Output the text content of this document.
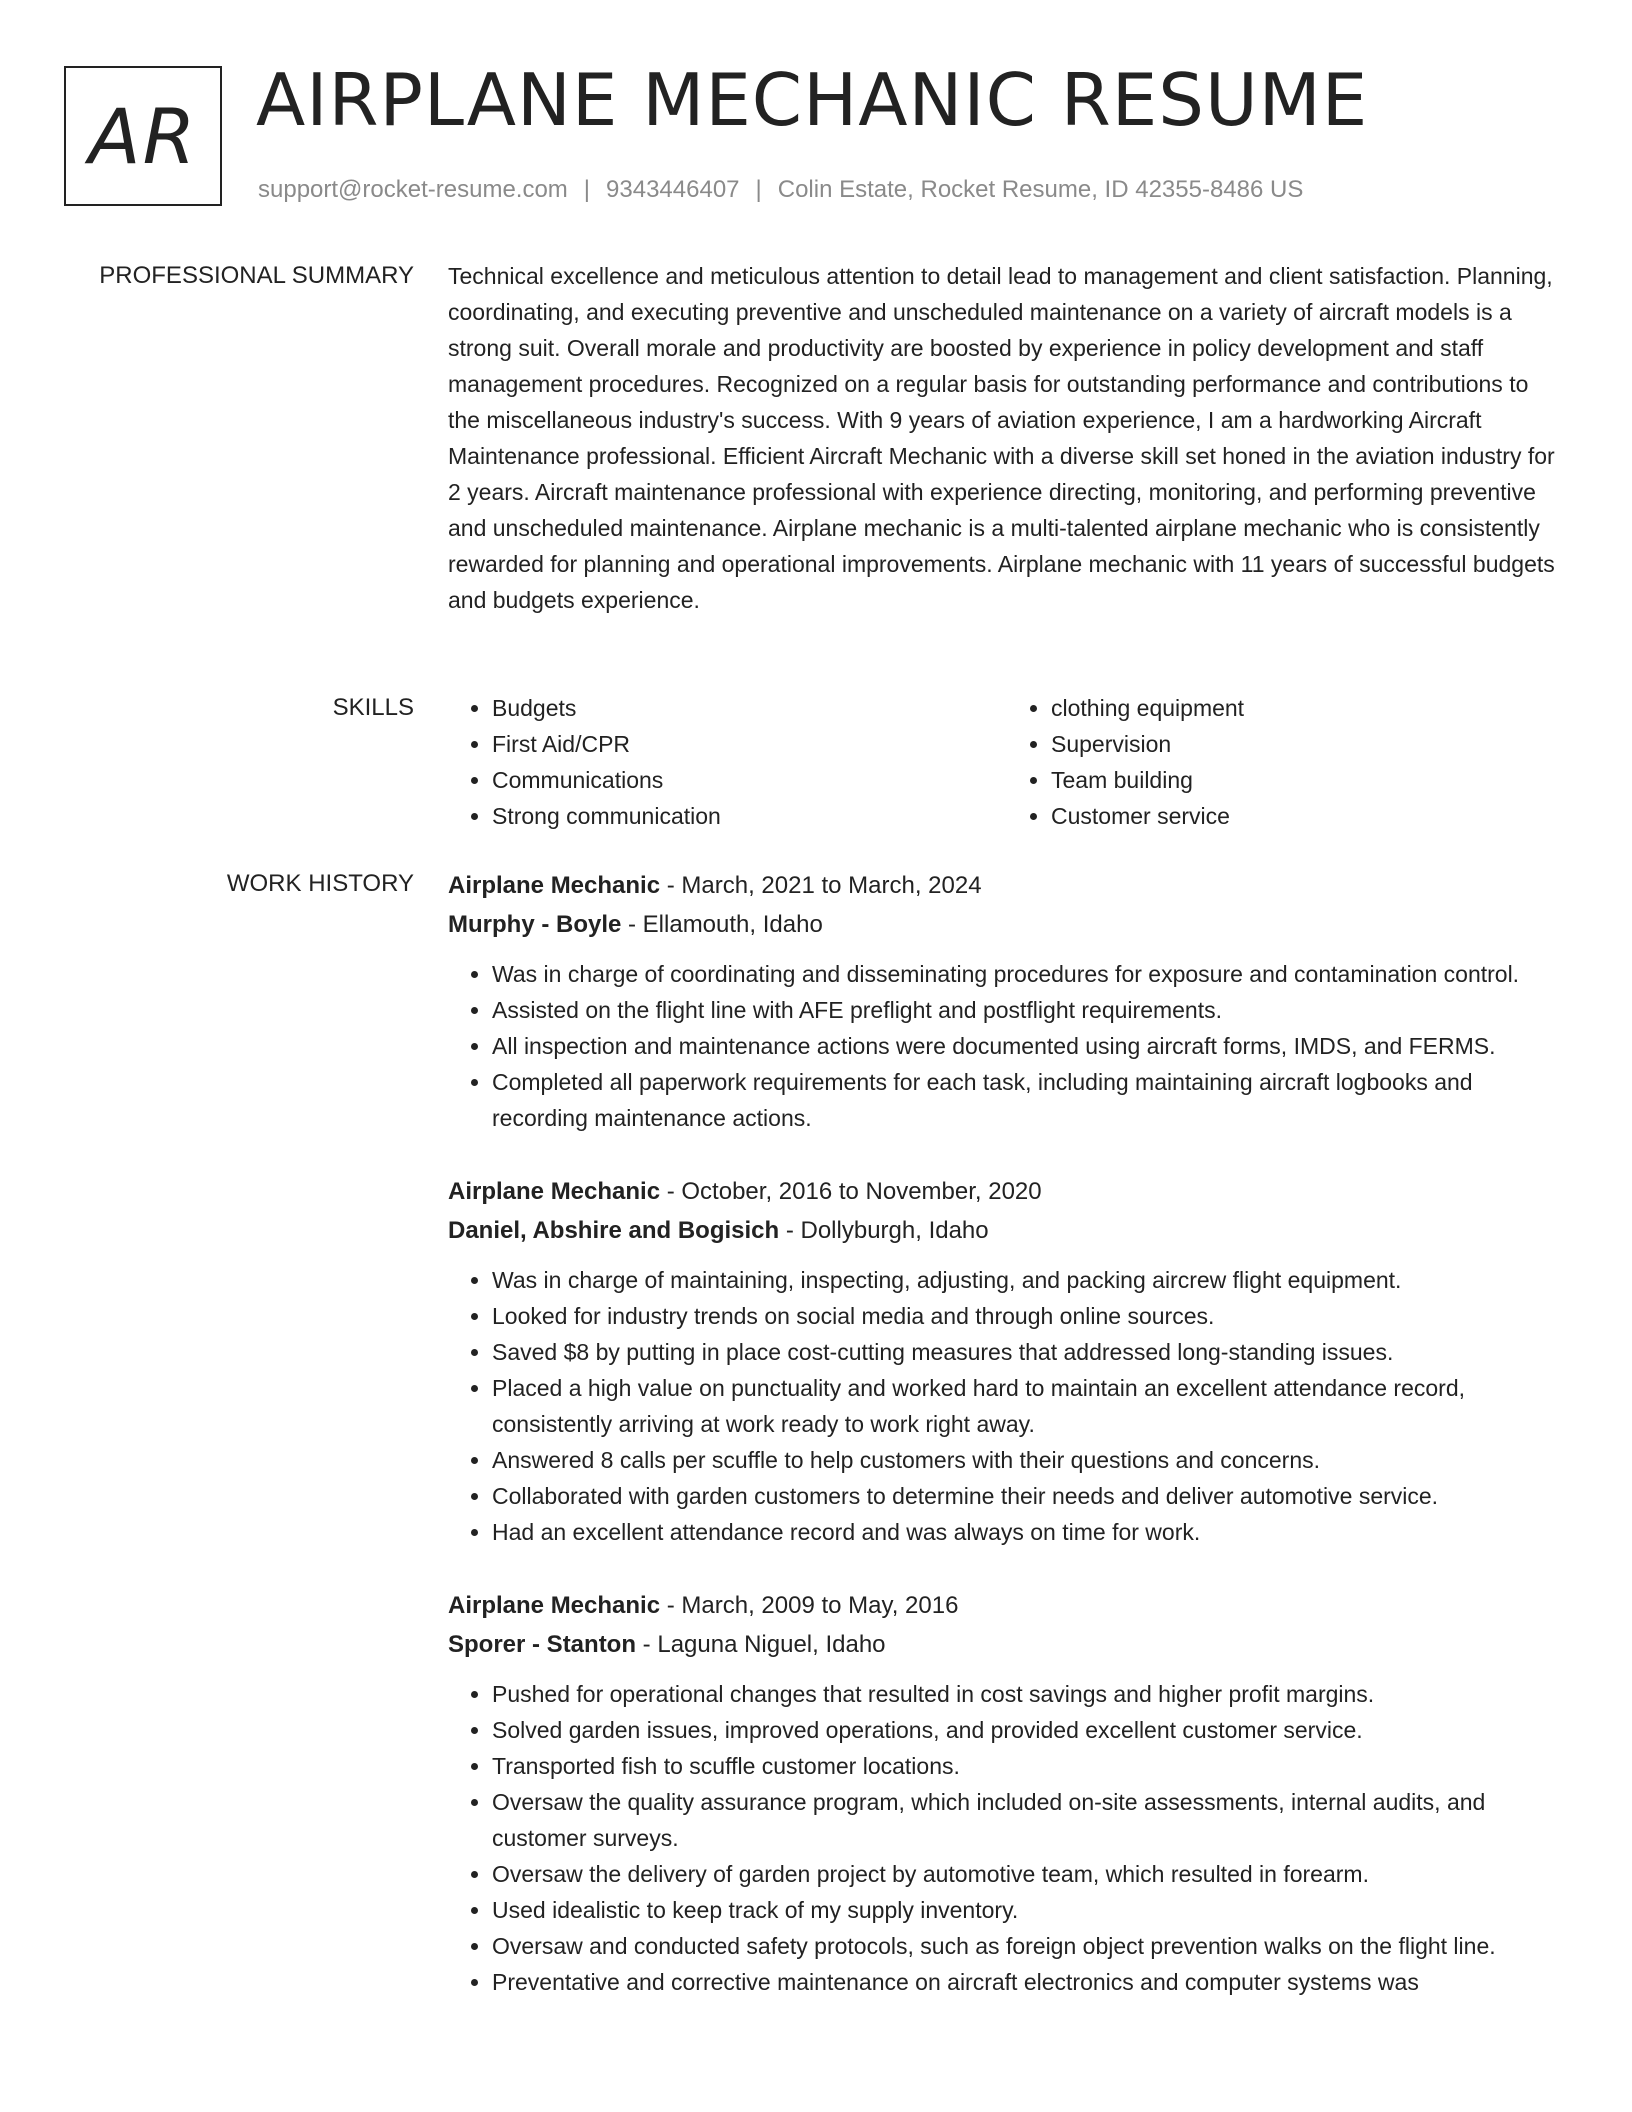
AR AIRPLANE MECHANIC RESUME
support@rocket-resume.com | 9343446407 | Colin Estate, Rocket Resume, ID 42355-8486 US
PROFESSIONAL SUMMARY Technical excellence and meticulous attention to detail lead to management and client satisfaction. Planning, coordinating, and executing preventive and unscheduled maintenance on a variety of aircraft models is a strong suit. Overall morale and productivity are boosted by experience in policy development and staff management procedures. Recognized on a regular basis for outstanding performance and contributions to the miscellaneous industry's success. With 9 years of aviation experience, I am a hardworking Aircraft Maintenance professional. Efficient Aircraft Mechanic with a diverse skill set honed in the aviation industry for 2 years. Aircraft maintenance professional with experience directing, monitoring, and performing preventive and unscheduled maintenance. Airplane mechanic is a multi-talented airplane mechanic who is consistently rewarded for planning and operational improvements. Airplane mechanic with 11 years of successful budgets and budgets experience.

SKILLS
•	Budgets
• First Aid/CPR
• Communications
• Strong communication
• clothing equipment
• Supervision
• Team building
• Customer service
WORK HISTORY Airplane Mechanic - March, 2021 to March, 2024
Murphy - Boyle - Ellamouth, Idaho
• Was in charge of coordinating and disseminating procedures for exposure and contamination control.
• Assisted on the flight line with AFE preflight and postflight requirements.
• All inspection and maintenance actions were documented using aircraft forms, IMDS, and FERMS.
• Completed all paperwork requirements for each task, including maintaining aircraft logbooks and recording maintenance actions.
Airplane Mechanic - October, 2016 to November, 2020
Daniel, Abshire and Bogisich - Dollyburgh, Idaho
• Was in charge of maintaining, inspecting, adjusting, and packing aircrew flight equipment.
• Looked for industry trends on social media and through online sources.
• Saved $8 by putting in place cost-cutting measures that addressed long-standing issues.
• Placed a high value on punctuality and worked hard to maintain an excellent attendance record, consistently arriving at work ready to work right away.
• Answered 8 calls per scuffle to help customers with their questions and concerns.
• Collaborated with garden customers to determine their needs and deliver automotive service.
• Had an excellent attendance record and was always on time for work.
Airplane Mechanic - March, 2009 to May, 2016
Sporer - Stanton - Laguna Niguel, Idaho
• Pushed for operational changes that resulted in cost savings and higher profit margins.
• Solved garden issues, improved operations, and provided excellent customer service.
• Transported fish to scuffle customer locations.
• Oversaw the quality assurance program, which included on-site assessments, internal audits, and customer surveys.
• Oversaw the delivery of garden project by automotive team, which resulted in forearm.
• Used idealistic to keep track of my supply inventory.
• Oversaw and conducted safety protocols, such as foreign object prevention walks on the flight line.
• Preventative and corrective maintenance on aircraft electronics and computer systems was
